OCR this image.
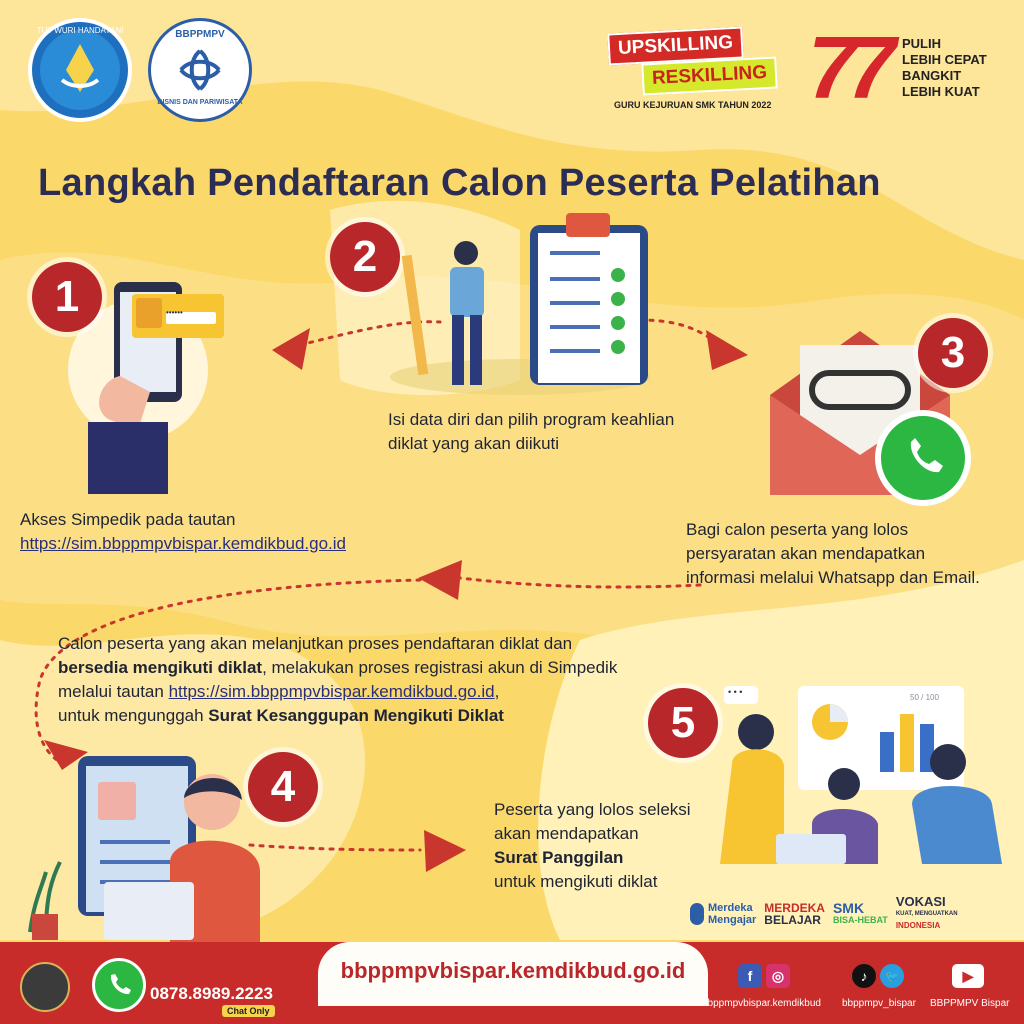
TUT WURI HANDAYANI	BBPPMPV
BISNIS DAN PARIWISATA
UPSKILLING
RESKILLING
GURU KEJURUAN SMK TAHUN 2022 77 PULIH
LEBIH CEPAT
BANGKIT
LEBIH KUAT
Langkah Pendaftaran Calon Peserta Pelatihan
••••••
1
Akses Simpedik pada tautan
https://sim.bbppmpvbispar.kemdikbud.go.id
2
Isi data diri dan pilih program keahlian
diklat yang akan diikuti
3
Bagi calon peserta yang lolos
persyaratan akan mendapatkan
informasi melalui Whatsapp dan Email.
Calon peserta yang akan melanjutkan proses pendaftaran diklat dan
bersedia mengikuti diklat, melakukan proses registrasi akun di Simpedik
melalui tautan https://sim.bbppmpvbispar.kemdikbud.go.id,
untuk mengunggah Surat Kesanggupan Mengikuti Diklat
4
5
• • •
50 / 100
Peserta yang lolos seleksi
akan mendapatkan
Surat Panggilan
untuk mengikuti diklat
Merdeka
Mengajar
MERDEKA
BELAJAR
SMK
BISA-HEBAT
VOKASI
KUAT, MENGUATKAN
INDONESIA
bbppmpvbispar.kemdikbud.go.id
0878.8989.2223
Chat Only
f	◎
bbppmpvbispar.kemdikbud
♪	🐦
bbppmpv_bispar
▶
BBPPMPV Bispar
